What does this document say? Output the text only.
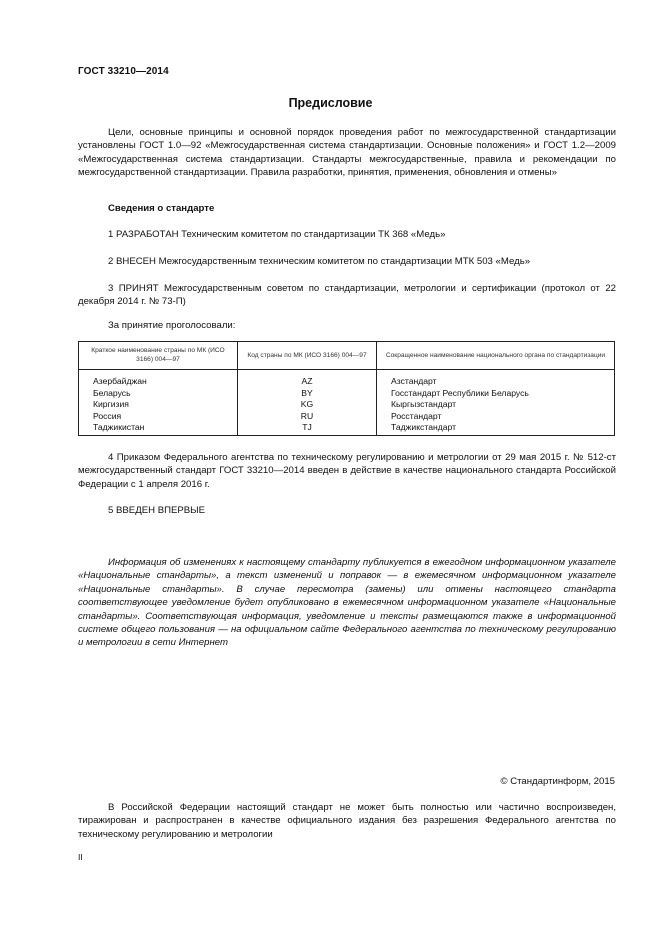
ГОСТ 33210—2014
Предисловие
Цели, основные принципы и основной порядок проведения работ по межгосударственной стандартизации установлены ГОСТ 1.0—92 «Межгосударственная система стандартизации. Основные положения» и ГОСТ 1.2—2009 «Межгосударственная система стандартизации. Стандарты межгосударственные, правила и рекомендации по межгосударственной стандартизации. Правила разработки, принятия, применения, обновления и отмены»
Сведения о стандарте
1 РАЗРАБОТАН Техническим комитетом по стандартизации ТК 368 «Медь»
2 ВНЕСЕН Межгосударственным техническим комитетом по стандартизации МТК 503 «Медь»
3 ПРИНЯТ Межгосударственным советом по стандартизации, метрологии и сертификации (протокол от 22 декабря 2014 г. № 73-П)
За принятие проголосовали:
Краткое наименование страны по МК (ИСО 3166) 004—97	Код страны по МК (ИСО 3166) 004—97	Сокращенное наименование национального органа по стандартизации
Азербайджан	AZ	Азстандарт
Беларусь	BY	Госстандарт Республики Беларусь
Киргизия	KG	Кыргызстандарт
Россия	RU	Росстандарт
Таджикистан	TJ	Таджикстандарт
4 Приказом Федерального агентства по техническому регулированию и метрологии от 29 мая 2015 г. № 512-ст межгосударственный стандарт ГОСТ 33210—2014 введен в действие в качестве национального стандарта Российской Федерации с 1 апреля 2016 г.
5 ВВЕДЕН ВПЕРВЫЕ
Информация об изменениях к настоящему стандарту публикуется в ежегодном информационном указателе «Национальные стандарты», а текст изменений и поправок — в ежемесячном информационном указателе «Национальные стандарты». В случае пересмотра (замены) или отмены настоящего стандарта соответствующее уведомление будет опубликовано в ежемесячном информационном указателе «Национальные стандарты». Соответствующая информация, уведомление и тексты размещаются также в информационной системе общего пользования — на официальном сайте Федерального агентства по техническому регулированию и метрологии в сети Интернет
© Стандартинформ, 2015
В Российской Федерации настоящий стандарт не может быть полностью или частично воспроизведен, тиражирован и распространен в качестве официального издания без разрешения Федерального агентства по техническому регулированию и метрологии
II
